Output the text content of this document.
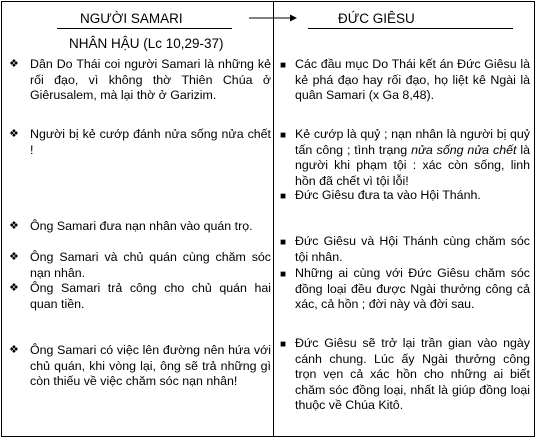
NGƯỜI SAMARI	ĐỨC GIÊSU
NHÂN HẬU (Lc 10,29-37)
❖ Dân Do Thái coi người Samari là những kẻ rối đạo, vì không thờ Thiên Chúa ở Giêrusalem, mà lại thờ ở Garizim.
❖ Người bị kẻ cướp đánh nửa sống nửa chết !
❖ Ông Samari đưa nạn nhân vào quán trọ.
❖ Ông Samari và chủ quán cùng chăm sóc nạn nhân.
❖ Ông Samari trả công cho chủ quán hai quan tiền.
❖ Ông Samari có việc lên đường nên hứa với chủ quán, khi vòng lại, ông sẽ trả những gì còn thiếu về việc chăm sóc nạn nhân!
■ Các đầu mục Do Thái kết án Đức Giêsu là kẻ phá đạo hay rối đạo, họ liệt kê Ngài là quân Samari (x Ga 8,48).
■ Kẻ cướp là quỷ ; nạn nhân là người bị quỷ tấn công ; tình trạng nửa sống nửa chết là người khi phạm tội : xác còn sống, linh hồn đã chết vì tội lỗi!
■ Đức Giêsu đưa ta vào Hội Thánh.
■ Đức Giêsu và Hội Thánh cùng chăm sóc tội nhân.
■ Những ai cùng với Đức Giêsu chăm sóc đồng loại đều được Ngài thưởng công cả xác, cả hồn ; đời này và đời sau.
■ Đức Giêsu sẽ trở lại trần gian vào ngày cánh chung. Lúc ấy Ngài thưởng công trọn vẹn cả xác hồn cho những ai biết chăm sóc đồng loại, nhất là giúp đồng loại thuộc về Chúa Kitô.
